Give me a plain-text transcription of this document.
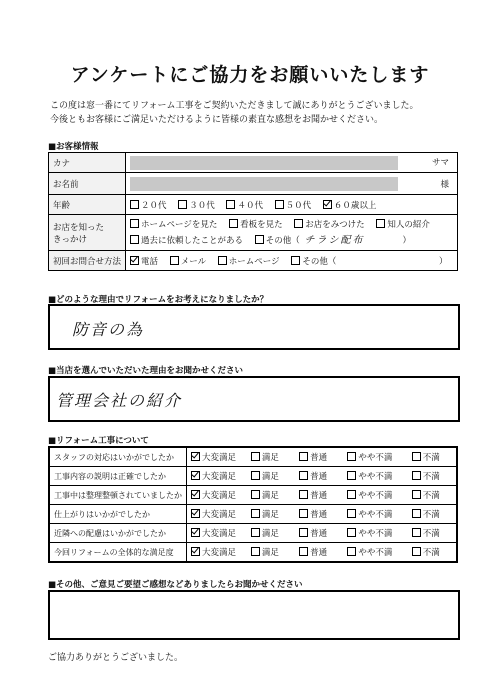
アンケートにご協力をお願いいたします
この度は窓一番にてリフォーム工事をご契約いただきまして誠にありがとうございました。
今後ともお客様にご満足いただけるように皆様の素直な感想をお聞かせください。
■お客様情報
カナ	サマ

お名前	様

年齢	２０代 ３０代 ４０代 ５０代 ６０歳以上
お店を知った
きっかけ	ホームページを見た 看板を見た お店をみつけた 知人の紹介
過去に依頼したことがある その他（ チラシ配布 ）
初回お問合せ方法	電話 メール ホームページ その他（ ）
■どのような理由でリフォームをお考えになりましたか？
防音の為
■当店を選んでいただいた理由をお聞かせください
管理会社の紹介
■リフォーム工事について
スタッフの対応はいかがでしたか	大変満足	満足	普通	やや不満	不満
工事内容の説明は正確でしたか	大変満足	満足	普通	やや不満	不満
工事中は整理整頓されていましたか	大変満足	満足	普通	やや不満	不満
仕上がりはいかがでしたか	大変満足	満足	普通	やや不満	不満
近隣への配慮はいかがでしたか	大変満足	満足	普通	やや不満	不満
今回リフォームの全体的な満足度	大変満足	満足	普通	やや不満	不満
■その他、ご意見ご要望ご感想などありましたらお聞かせください
ご協力ありがとうございました。
